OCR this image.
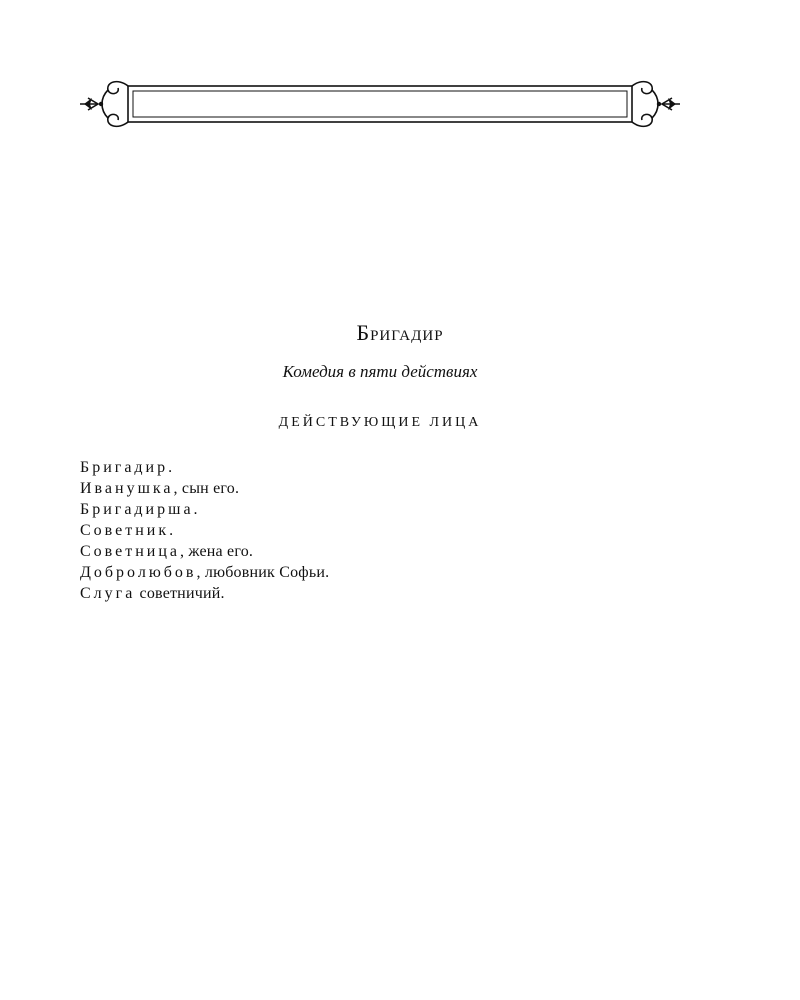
Бригадир
Комедия в пяти действиях
ДЕЙСТВУЮЩИЕ ЛИЦА
Бригадир.
Иванушка, сын его.
Бригадирша.
Советник.
Советница, жена его.
Добролюбов, любовник Софьи.
Слуга советничий.
